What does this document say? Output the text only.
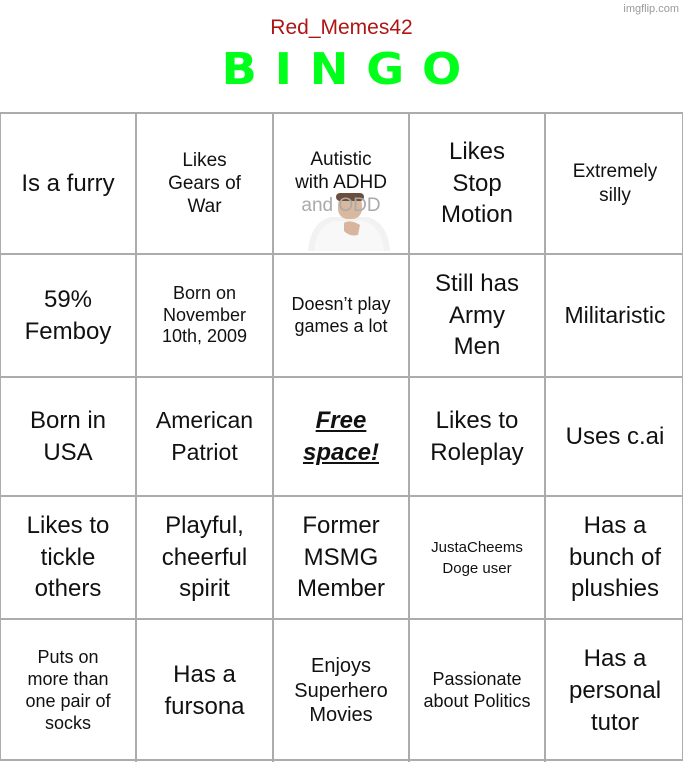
imgflip.com
Red_Memes42
BINGO
Is a furry
Likes Gears of War
Autistic
with ADHD
and ODD
Likes Stop Motion
Extremely silly
59% Femboy
Born on November 10th, 2009
Doesn’t play games a lot
Still has Army Men
Militaristic
Born in USA
American Patriot
Free
space!
Likes to Roleplay
Uses c.ai
Likes to tickle others
Playful, cheerful spirit
Former MSMG Member
JustaCheems Doge user
Has a bunch of plushies
Puts on more than one pair of socks
Has a fursona
Enjoys Superhero Movies
Passionate about Politics
Has a personal tutor
